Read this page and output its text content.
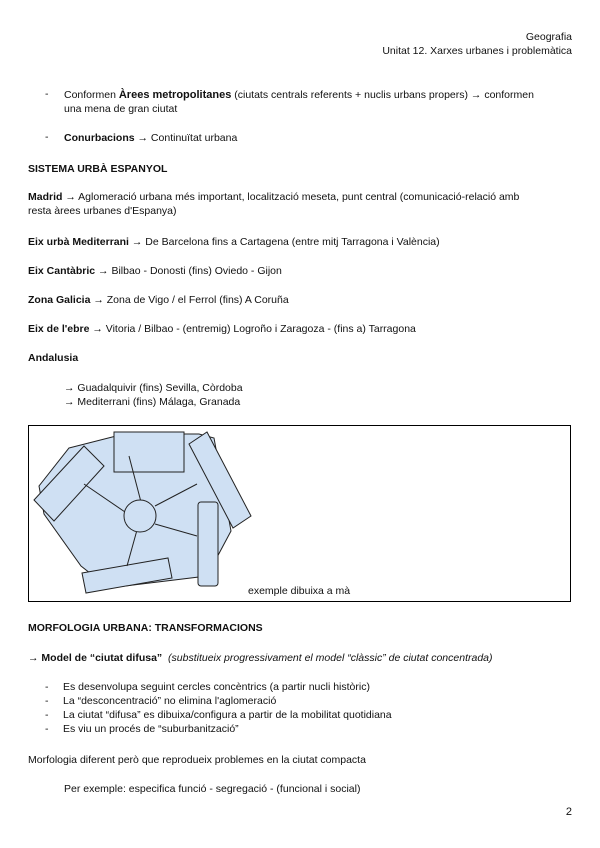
Geografia
Unitat 12. Xarxes urbanes i problemàtica
- Conformen Àrees metropolitanes (ciutats centrals referents + nuclis urbans propers) → conformen
una mena de gran ciutat
- Conurbacions → Continuïtat urbana
SISTEMA URBÀ ESPANYOL
Madrid → Aglomeració urbana més important, localització meseta, punt central (comunicació-relació amb
resta àrees urbanes d'Espanya)
Eix urbà Mediterrani → De Barcelona fins a Cartagena (entre mitj Tarragona i València)
Eix Cantàbric → Bilbao - Donosti (fins) Oviedo - Gijon
Zona Galicia → Zona de Vigo / el Ferrol (fins) A Coruña
Eix de l'ebre → Vitoria / Bilbao - (entremig) Logroño i Zaragoza - (fins a) Tarragona
Andalusia
→ Guadalquivir (fins) Sevilla, Còrdoba
→ Mediterrani (fins) Málaga, Granada
exemple dibuixa a mà
MORFOLOGIA URBANA: TRANSFORMACIONS
→ Model de “ciutat difusa” (substitueix progressivament el model “clàssic” de ciutat concentrada)
- Es desenvolupa seguint cercles concèntrics (a partir nucli històric)
- La “desconcentració” no elimina l'aglomeració
- La ciutat “difusa” es dibuixa/configura a partir de la mobilitat quotidiana
- Es viu un procés de “suburbanització”
Morfologia diferent però que reprodueix problemes en la ciutat compacta
Per exemple: especifica funció - segregació - (funcional i social)
2
